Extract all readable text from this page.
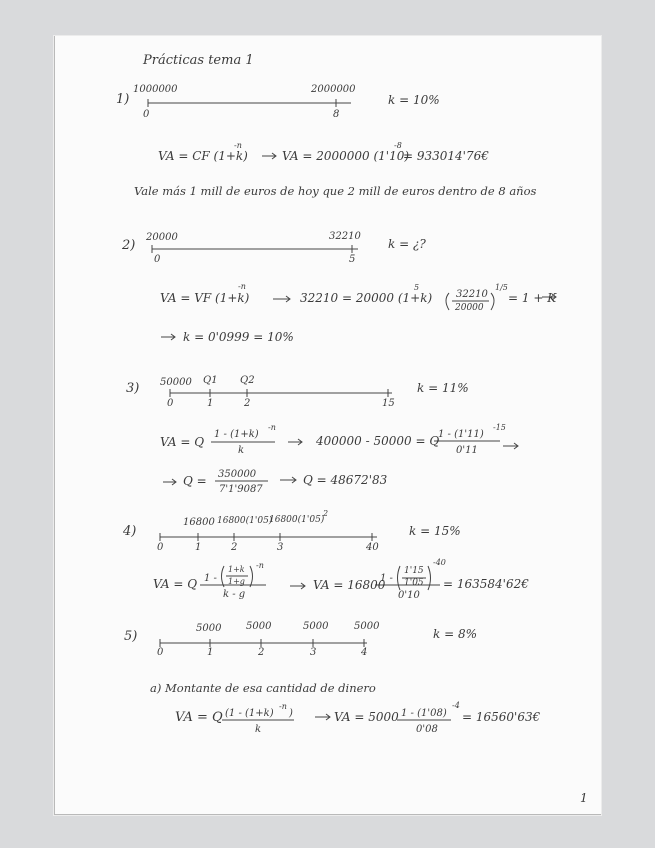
Prácticas tema 1
1)
1000000	2000000
0	8
k = 10%
VA = CF (1+k)
-n
VA = 2000000 (1'10)
-8
= 933014'76€
Vale más 1 mill de euros de hoy que 2 mill de euros dentro de 8 años
2)
20000	32210
0	5
k = ¿?
VA = VF (1+k)
-n
32210 = 20000 (1+k)
5
32210
20000
1/5
= 1 + K
k = 0'0999 = 10%
3) 50000 Q1 Q2
0	1	2	15
k = 11%
VA = Q
1 - (1+k)
-n
k
400000 - 50000 = Q
1 - (1'11)
-15
0'11
Q = 350000
7'1'9087
Q = 48672'83
4)
16800 16800(1'05)
16800(1'05)
2
0	1	2	3	40
k = 15%
VA = Q 1 -
1+k
1+g
-n
k - g
VA = 16800
1 -
1'15
1'05
-40
0'10
= 163584'62€
5)
5000 5000	5000	5000
0	1	2	3	4
k = 8%
a) Montante de esa cantidad de dinero
VA = Q (1 - (1+k)
-n
)
k
VA = 5000 1 - (1'08)
-4
0'08
= 16560'63€
1
